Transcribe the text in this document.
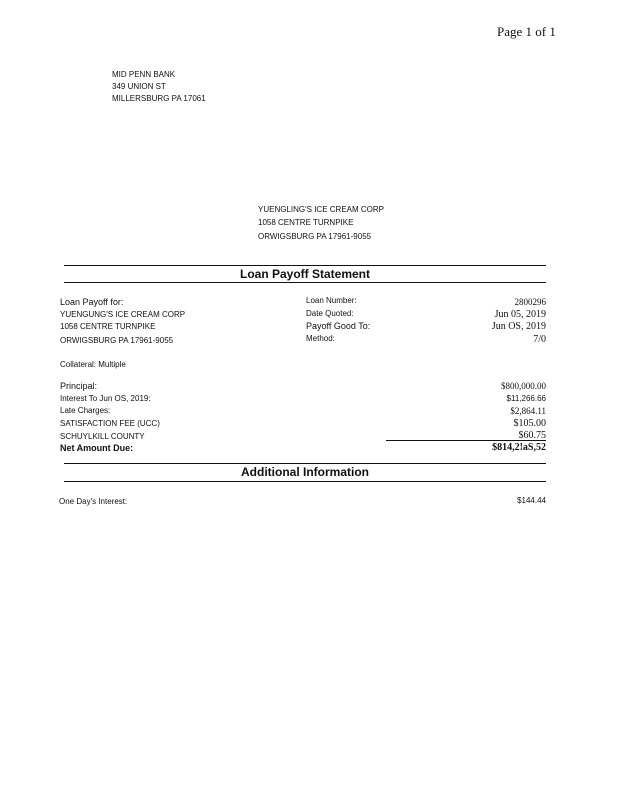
Page 1 of 1
MID PENN BANK
349 UNION ST
MILLERSBURG PA 17061
YUENGLING'S ICE CREAM CORP
1058 CENTRE TURNPIKE
ORWIGSBURG PA 17961-9055
Loan Payoff Statement
Loan Payoff for:
YUENGUNG'S ICE CREAM CORP
1058 CENTRE TURNPIKE
ORWIGSBURG PA 17961-9055
Loan Number:	2800296
Date Quoted:	Jun 05, 2019
Payoff Good To:	Jun OS, 2019
Method:	7/0
Collateral: Multiple
Principal:	$800,000.00
Interest To Jun OS, 2019:	$11,266.66
Late Charges:	$2,864.11
SATISFACTION FEE (UCC)	$105.00
SCHUYLKILL COUNTY	$60.75
Net Amount Due:	$814,2!aS,52
Additional Information
One Day's Interest:	$144.44
